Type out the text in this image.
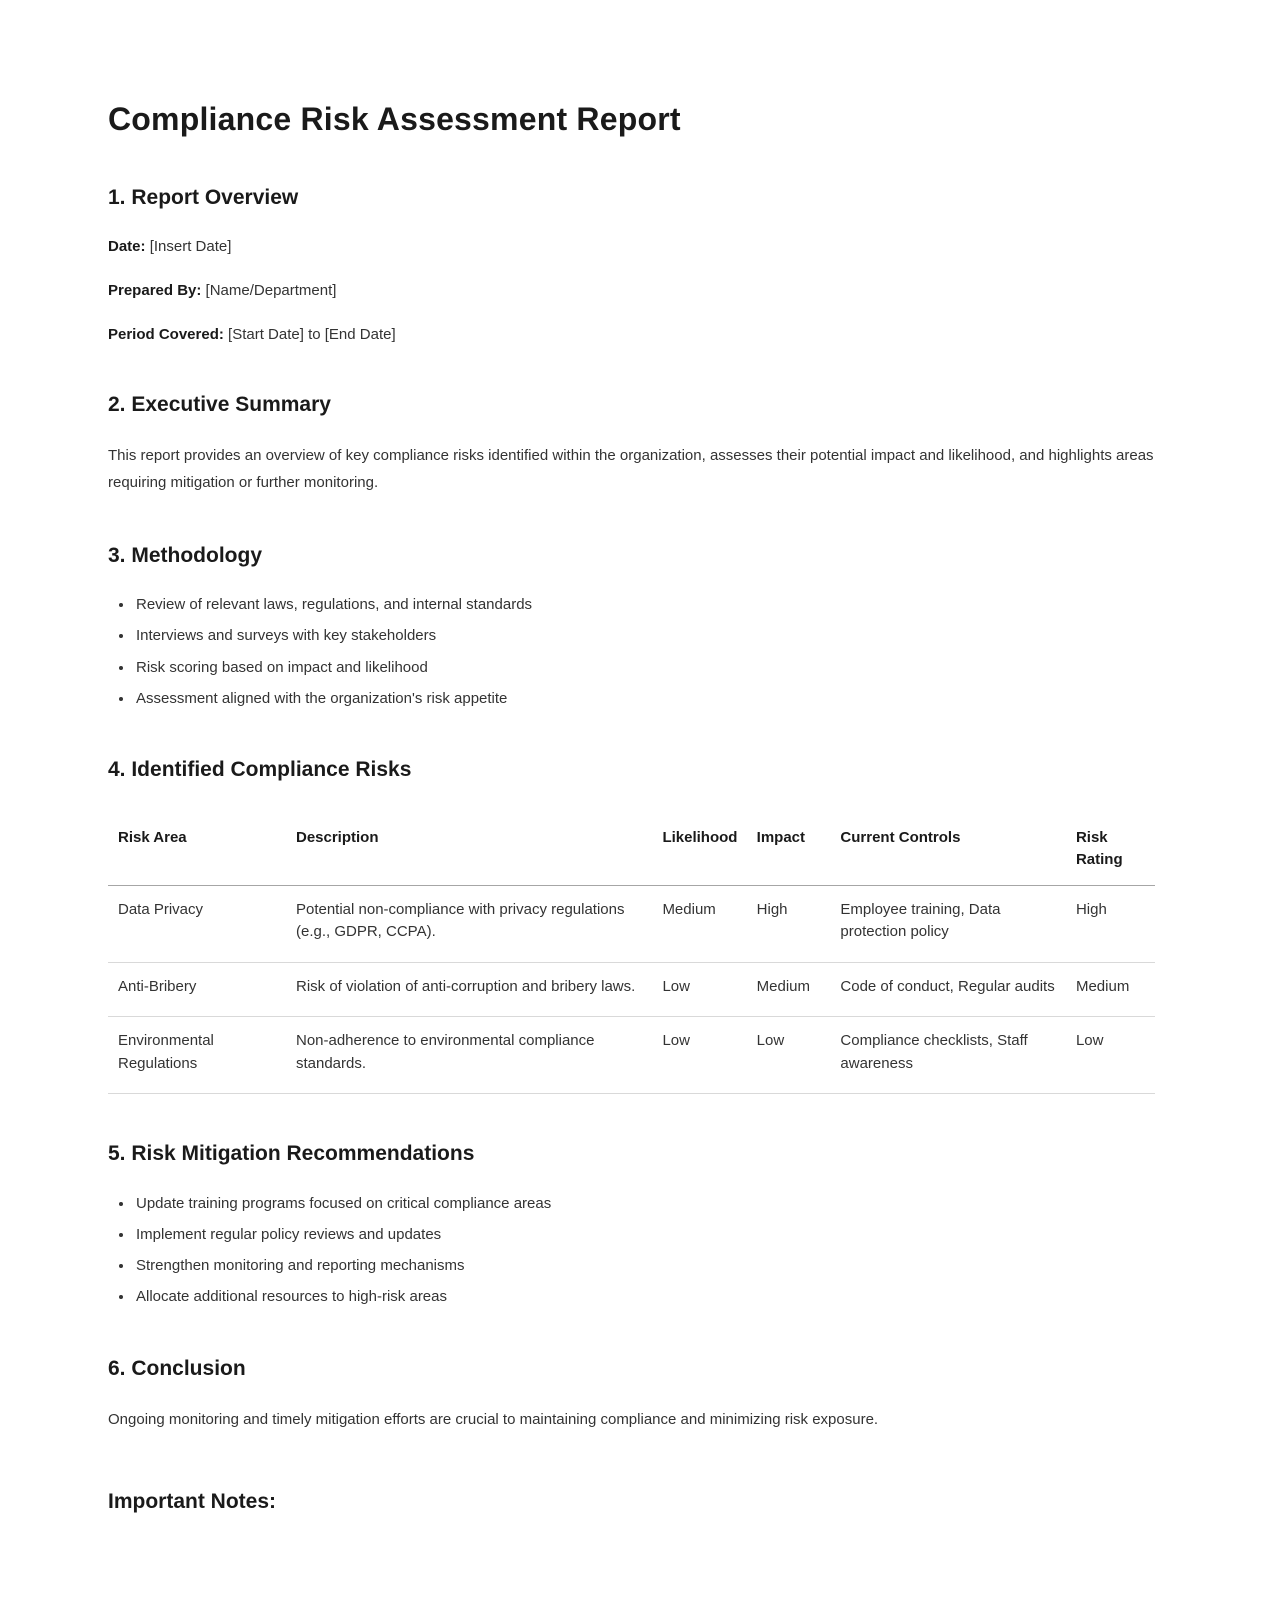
Compliance Risk Assessment Report
1. Report Overview

Date: [Insert Date]

Prepared By: [Name/Department]

Period Covered: [Start Date] to [End Date]

2. Executive Summary

This report provides an overview of key compliance risks identified within the organization, assesses their potential impact and likelihood, and highlights areas requiring mitigation or further monitoring.

3. Methodology
• Review of relevant laws, regulations, and internal standards
• Interviews and surveys with key stakeholders
• Risk scoring based on impact and likelihood
• Assessment aligned with the organization's risk appetite
4. Identified Compliance Risks
Risk Area	Description	Likelihood	Impact	Current Controls	Risk Rating
Data Privacy	Potential non-compliance with privacy regulations (e.g., GDPR, CCPA).	Medium	High	Employee training, Data protection policy	High
Anti-Bribery	Risk of violation of anti-corruption and bribery laws.	Low	Medium	Code of conduct, Regular audits	Medium
Environmental Regulations	Non-adherence to environmental compliance standards.	Low	Low	Compliance checklists, Staff awareness	Low
5. Risk Mitigation Recommendations
• Update training programs focused on critical compliance areas
• Implement regular policy reviews and updates
• Strengthen monitoring and reporting mechanisms
• Allocate additional resources to high-risk areas
6. Conclusion

Ongoing monitoring and timely mitigation efforts are crucial to maintaining compliance and minimizing risk exposure.

Important Notes:
